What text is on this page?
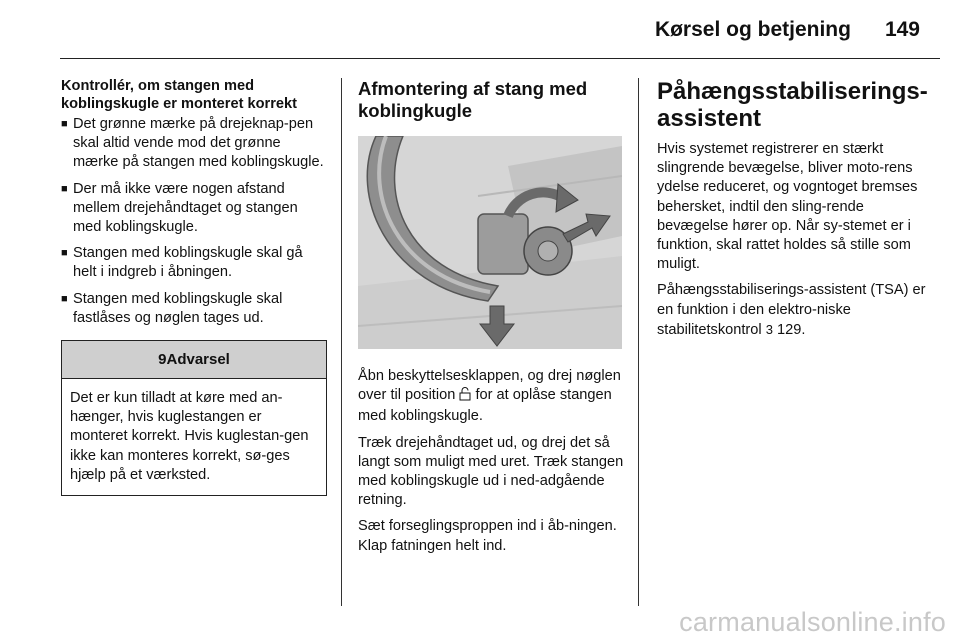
Kørsel og betjening 149
Kontrollér, om stangen med koblingskugle er monteret korrekt
■ Det grønne mærke på drejeknap-pen skal altid vende mod det grønne mærke på stangen med koblingskugle.
■ Der må ikke være nogen afstand mellem drejehåndtaget og stangen med koblingskugle.
■ Stangen med koblingskugle skal gå helt i indgreb i åbningen.
■ Stangen med koblingskugle skal fastlåses og nøglen tages ud.
9Advarsel
Det er kun tilladt at køre med an-hænger, hvis kuglestangen er monteret korrekt. Hvis kuglestan-gen ikke kan monteres korrekt, sø-ges hjælp på et værksted.
Afmontering af stang med koblingkugle

Åbn beskyttelsesklappen, og drej nøglen over til position for at oplåse stangen med koblingskugle.

Træk drejehåndtaget ud, og drej det så langt som muligt med uret. Træk stangen med koblingskugle ud i ned-adgående retning.

Sæt forseglingsproppen ind i åb-ningen. Klap fatningen helt ind.

Påhængsstabiliserings-assistent

Hvis systemet registrerer en stærkt slingrende bevægelse, bliver moto-rens ydelse reduceret, og vogntoget bremses behersket, indtil den sling-rende bevægelse hører op. Når sy-stemet er i funktion, skal rattet holdes så stille som muligt.

Påhængsstabiliserings-assistent (TSA) er en funktion i den elektro-niske stabilitetskontrol 3 129.

carmanualsonline.info
